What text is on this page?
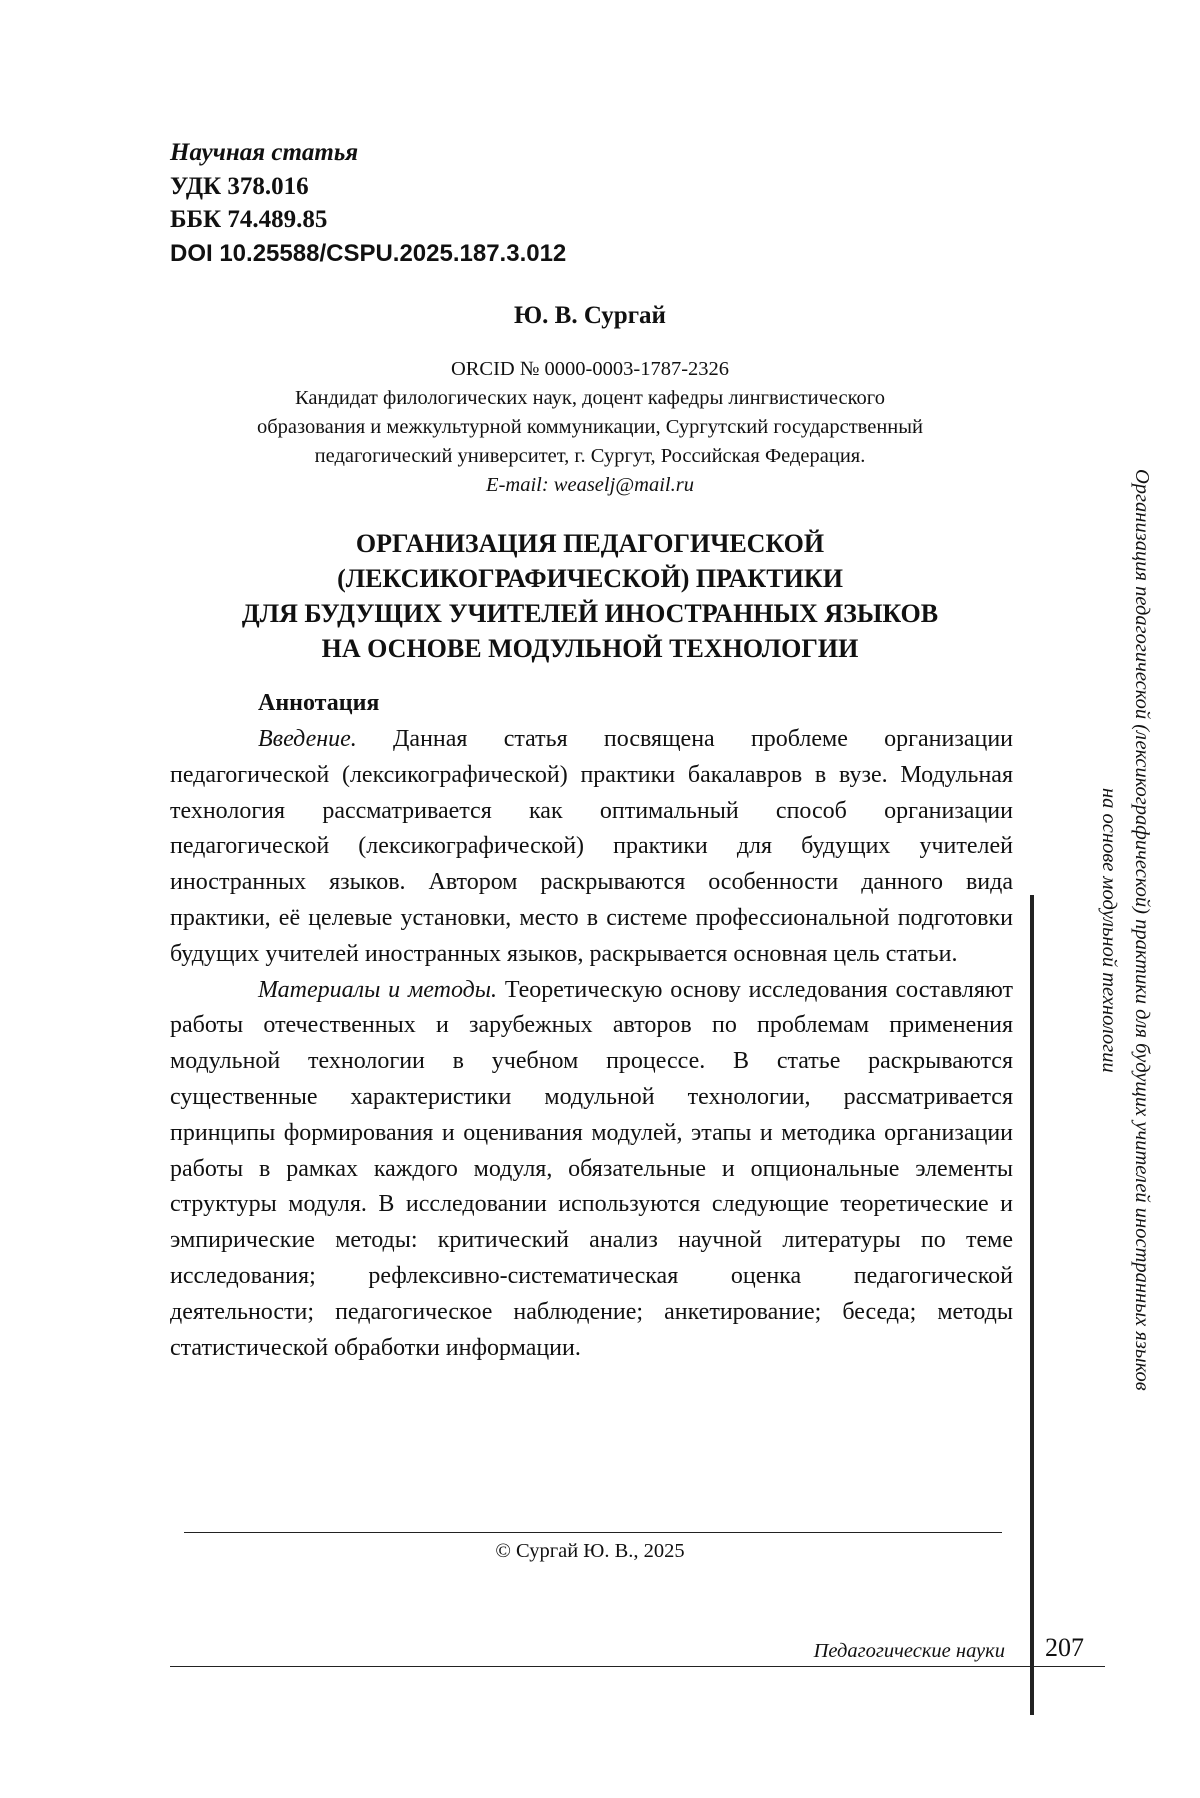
Научная статья
УДК 378.016
ББК 74.489.85
DOI 10.25588/CSPU.2025.187.3.012
Ю. В. Сургай
ORCID № 0000-0003-1787-2326
Кандидат филологических наук, доцент кафедры лингвистического
образования и межкультурной коммуникации, Сургутский государственный
педагогический университет, г. Сургут, Российская Федерация.
E-mail: weaselj@mail.ru
ОРГАНИЗАЦИЯ ПЕДАГОГИЧЕСКОЙ
(ЛЕКСИКОГРАФИЧЕСКОЙ) ПРАКТИКИ
ДЛЯ БУДУЩИХ УЧИТЕЛЕЙ ИНОСТРАННЫХ ЯЗЫКОВ
НА ОСНОВЕ МОДУЛЬНОЙ ТЕХНОЛОГИИ
Аннотация

Введение. Данная статья посвящена проблеме организации педагогической (лексикографической) практики бакалавров в вузе. Модульная технология рассматривается как оптимальный способ организации педагогической (лексикографической) практики для будущих учителей иностранных языков. Автором раскрываются особенности данного вида практики, её целевые установки, место в системе профессиональной подготовки будущих учителей иностранных языков, раскрывается основная цель статьи.

Материалы и методы. Теоретическую основу исследования составляют работы отечественных и зарубежных авторов по проблемам применения модульной технологии в учебном процессе. В статье раскрываются существенные характеристики модульной технологии, рассматривается принципы формирования и оценивания модулей, этапы и методика организации работы в рамках каждого модуля, обязательные и опциональные элементы структуры модуля. В исследовании используются следующие теоретические и эмпирические методы: критический анализ научной литературы по теме исследования; рефлексивно-систематическая оценка педагогической деятельности; педагогическое наблюдение; анкетирование; беседа; методы статистической обработки информации.

© Сургай Ю. В., 2025
Педагогические науки 207
Организация педагогической (лексикографической) практики для будущих учителей иностранных языков
на основе модульной технологии
